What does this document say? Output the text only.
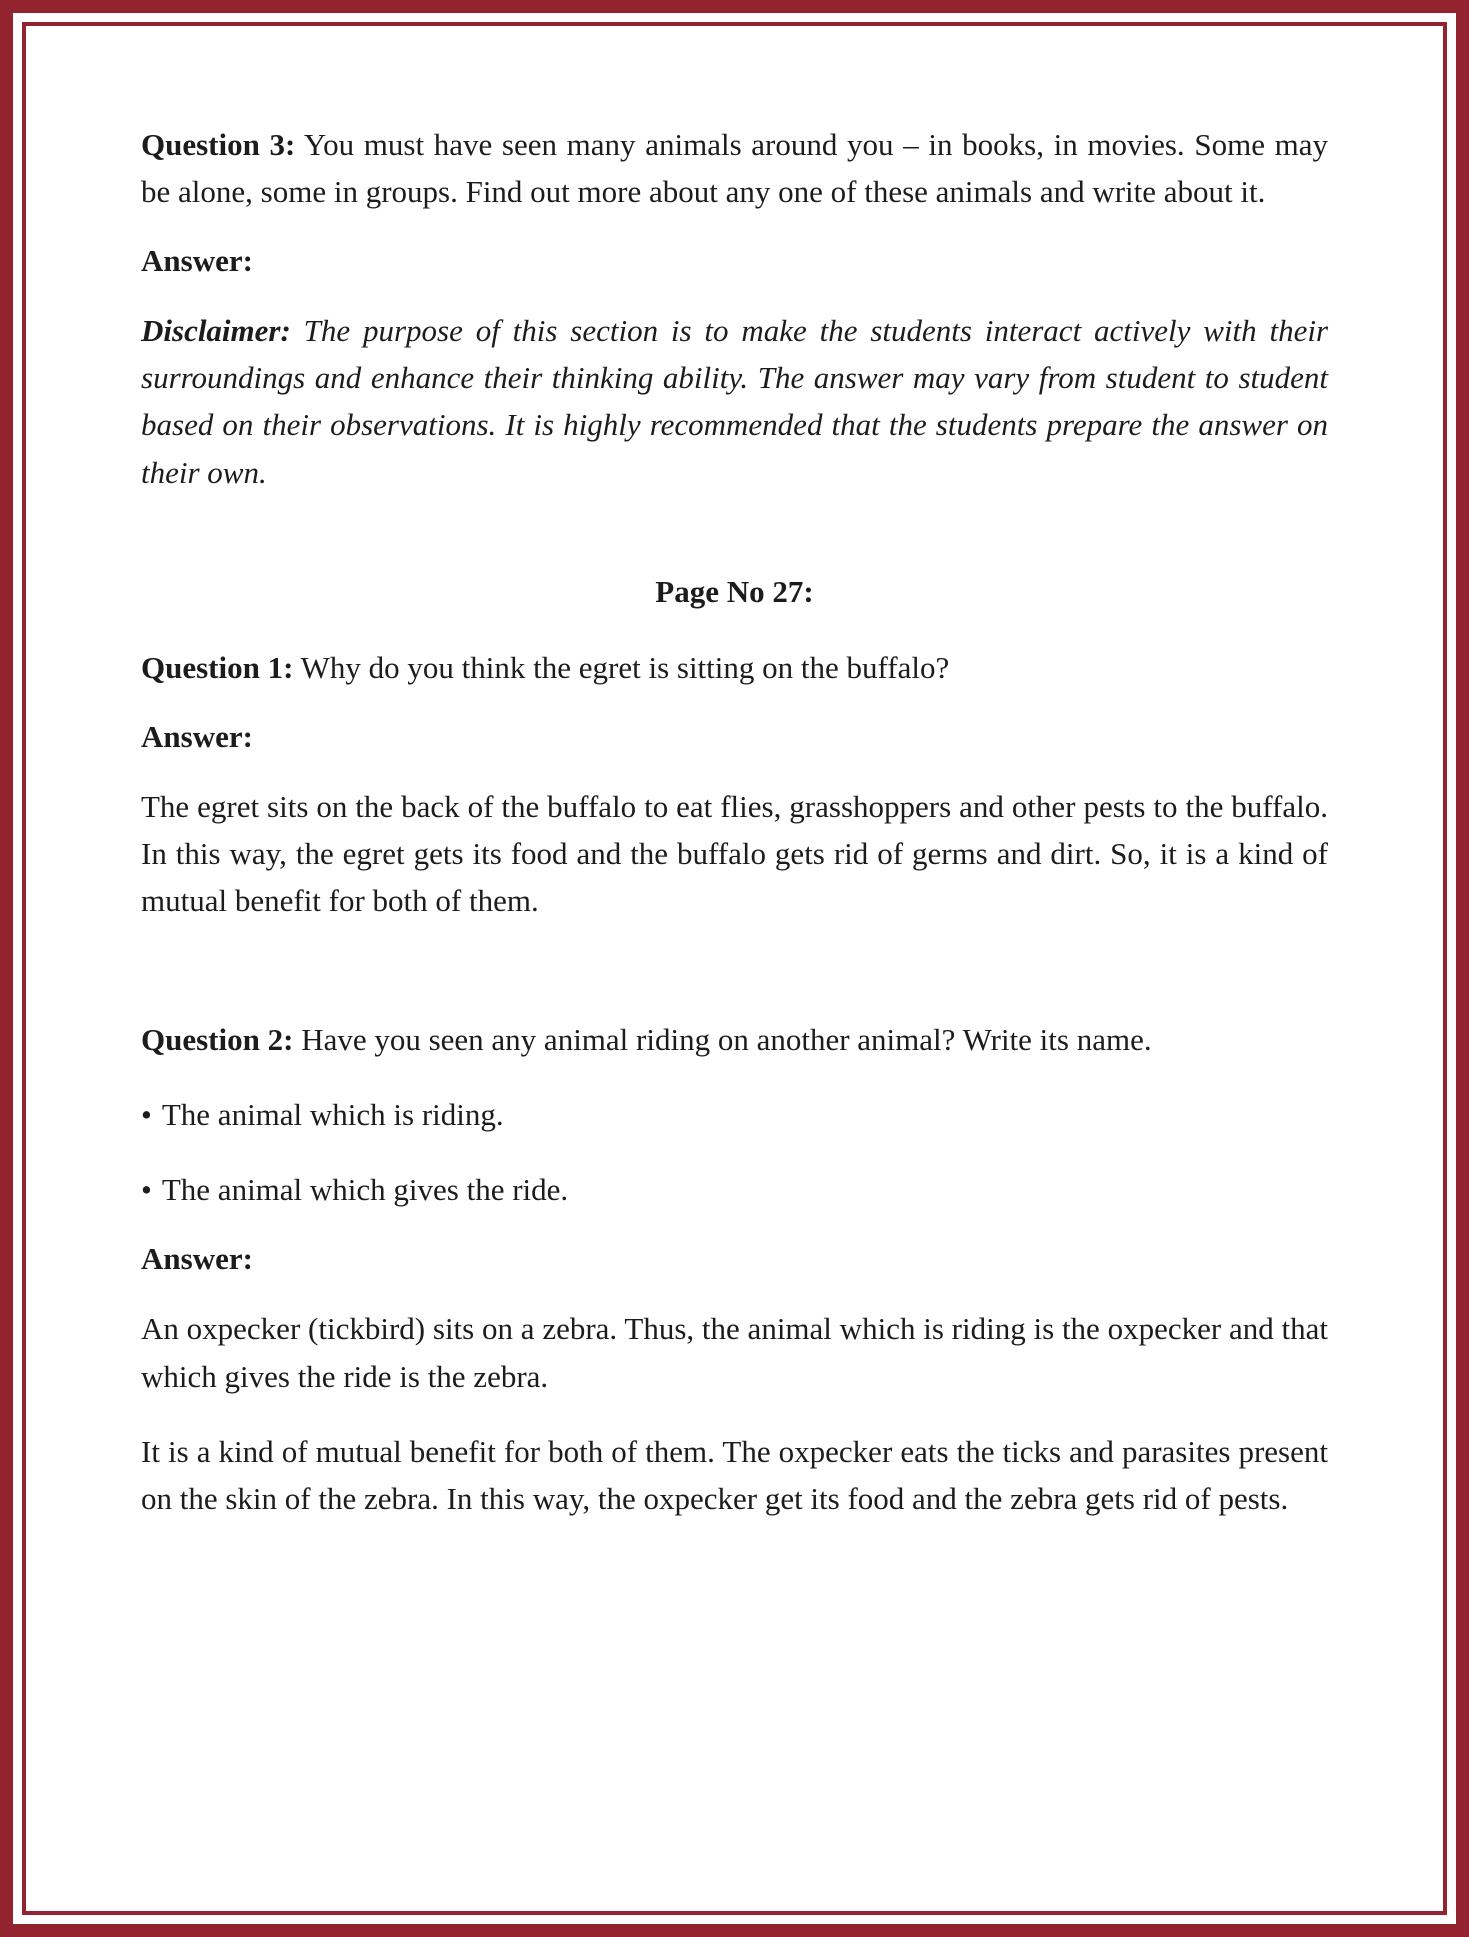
Question 3: You must have seen many animals around you – in books, in movies. Some may be alone, some in groups. Find out more about any one of these animals and write about it.

Answer:

Disclaimer: The purpose of this section is to make the students interact actively with their surroundings and enhance their thinking ability. The answer may vary from student to student based on their observations. It is highly recommended that the students prepare the answer on their own.

Page No 27:

Question 1: Why do you think the egret is sitting on the buffalo?

Answer:

The egret sits on the back of the buffalo to eat flies, grasshoppers and other pests to the buffalo. In this way, the egret gets its food and the buffalo gets rid of germs and dirt. So, it is a kind of mutual benefit for both of them.

Question 2: Have you seen any animal riding on another animal? Write its name.

• The animal which is riding.

• The animal which gives the ride.

Answer:

An oxpecker (tickbird) sits on a zebra. Thus, the animal which is riding is the oxpecker and that which gives the ride is the zebra.

It is a kind of mutual benefit for both of them. The oxpecker eats the ticks and parasites present on the skin of the zebra. In this way, the oxpecker get its food and the zebra gets rid of pests.
